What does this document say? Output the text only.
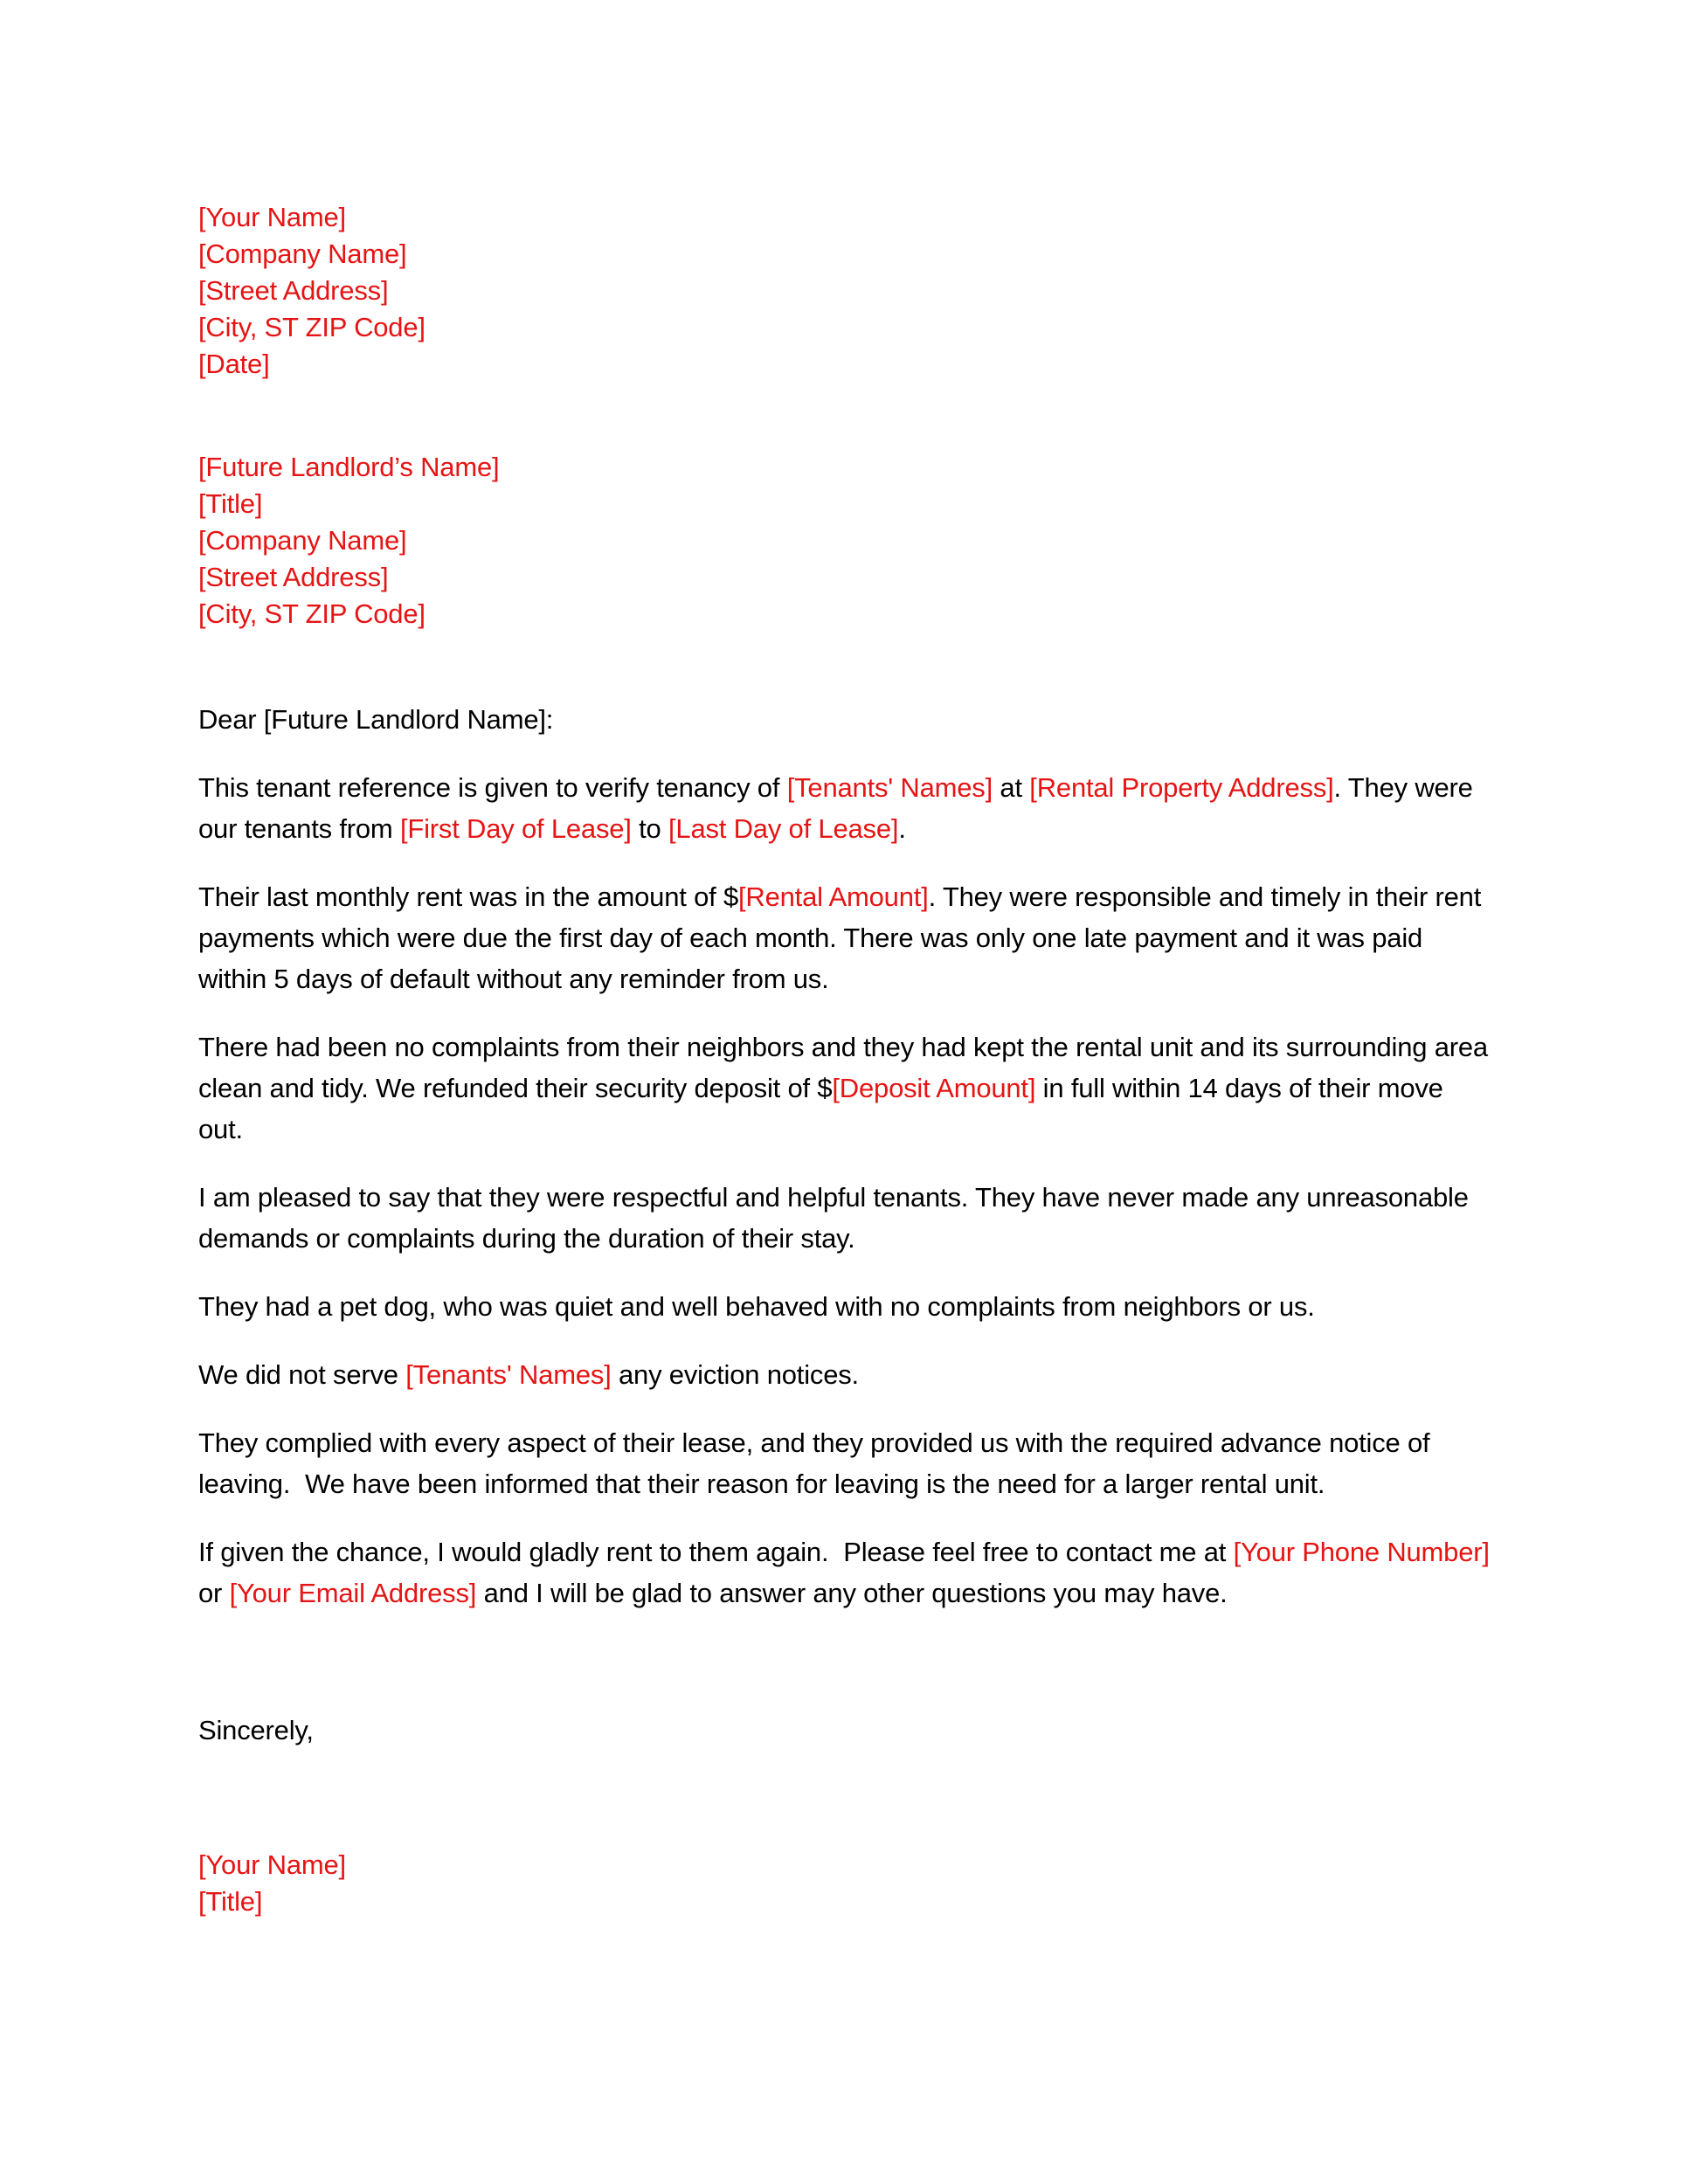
[Your Name]
[Company Name]
[Street Address]
[City, ST ZIP Code]
[Date]
[Future Landlord’s Name]
[Title]
[Company Name]
[Street Address]
[City, ST ZIP Code]
Dear [Future Landlord Name]:

This tenant reference is given to verify tenancy of [Tenants' Names] at [Rental Property Address]. They were our tenants from [First Day of Lease] to [Last Day of Lease].

Their last monthly rent was in the amount of $[Rental Amount]. They were responsible and timely in their rent payments which were due the first day of each month. There was only one late payment and it was paid within 5 days of default without any reminder from us.

There had been no complaints from their neighbors and they had kept the rental unit and its surrounding area clean and tidy. We refunded their security deposit of $[Deposit Amount] in full within 14 days of their move out.

I am pleased to say that they were respectful and helpful tenants. They have never made any unreasonable demands or complaints during the duration of their stay.

They had a pet dog, who was quiet and well behaved with no complaints from neighbors or us.

We did not serve [Tenants' Names] any eviction notices.

They complied with every aspect of their lease, and they provided us with the required advance notice of leaving.  We have been informed that their reason for leaving is the need for a larger rental unit.

If given the chance, I would gladly rent to them again.  Please feel free to contact me at [Your Phone Number] or [Your Email Address] and I will be glad to answer any other questions you may have.

Sincerely,
[Your Name]
[Title]
